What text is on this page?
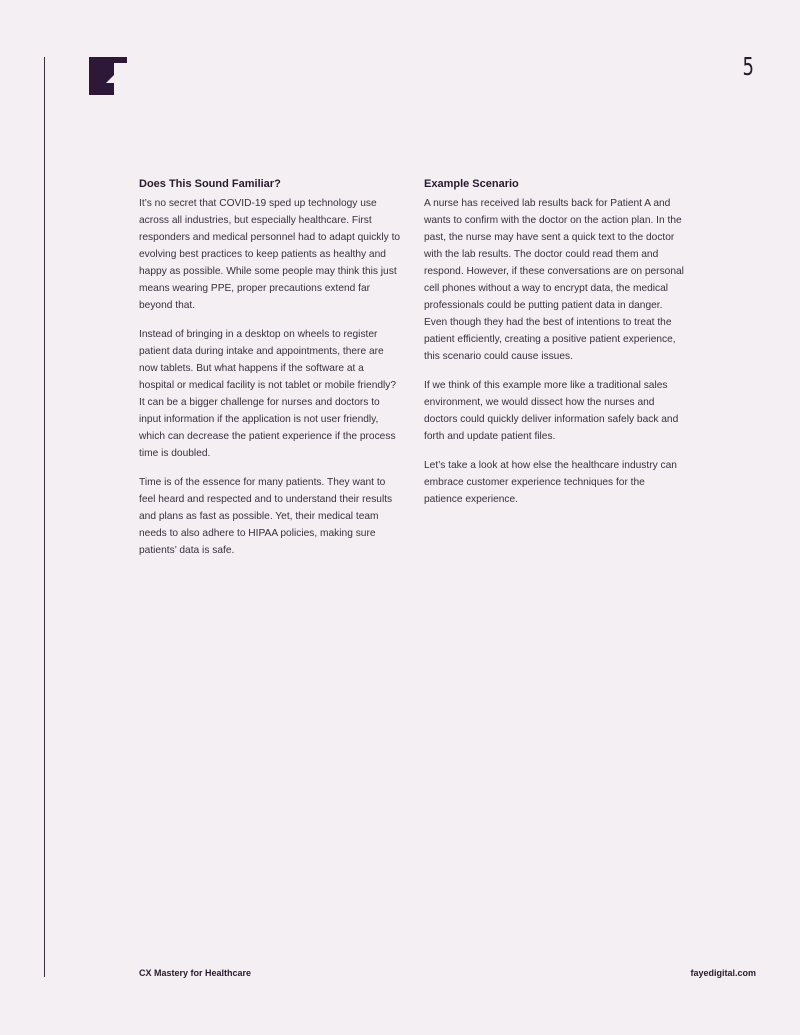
5
Does This Sound Familiar?

It’s no secret that COVID-19 sped up technology use across all industries, but especially healthcare. First responders and medical personnel had to adapt quickly to evolving best practices to keep patients as healthy and happy as possible. While some people may think this just means wearing PPE, proper precautions extend far beyond that.

Instead of bringing in a desktop on wheels to register patient data during intake and appointments, there are now tablets. But what happens if the software at a hospital or medical facility is not tablet or mobile friendly? It can be a bigger challenge for nurses and doctors to input information if the application is not user friendly, which can decrease the patient experience if the process time is doubled.

Time is of the essence for many patients. They want to feel heard and respected and to understand their results and plans as fast as possible. Yet, their medical team needs to also adhere to HIPAA policies, making sure patients’ data is safe.

Example Scenario

A nurse has received lab results back for Patient A and wants to confirm with the doctor on the action plan. In the past, the nurse may have sent a quick text to the doctor with the lab results. The doctor could read them and respond. However, if these conversations are on personal cell phones without a way to encrypt data, the medical professionals could be putting patient data in danger. Even though they had the best of intentions to treat the patient efficiently, creating a positive patient experience, this scenario could cause issues.

If we think of this example more like a traditional sales environment, we would dissect how the nurses and doctors could quickly deliver information safely back and forth and update patient files.

Let’s take a look at how else the healthcare industry can embrace customer experience techniques for the patience experience.

CX Mastery for Healthcare	fayedigital.com
